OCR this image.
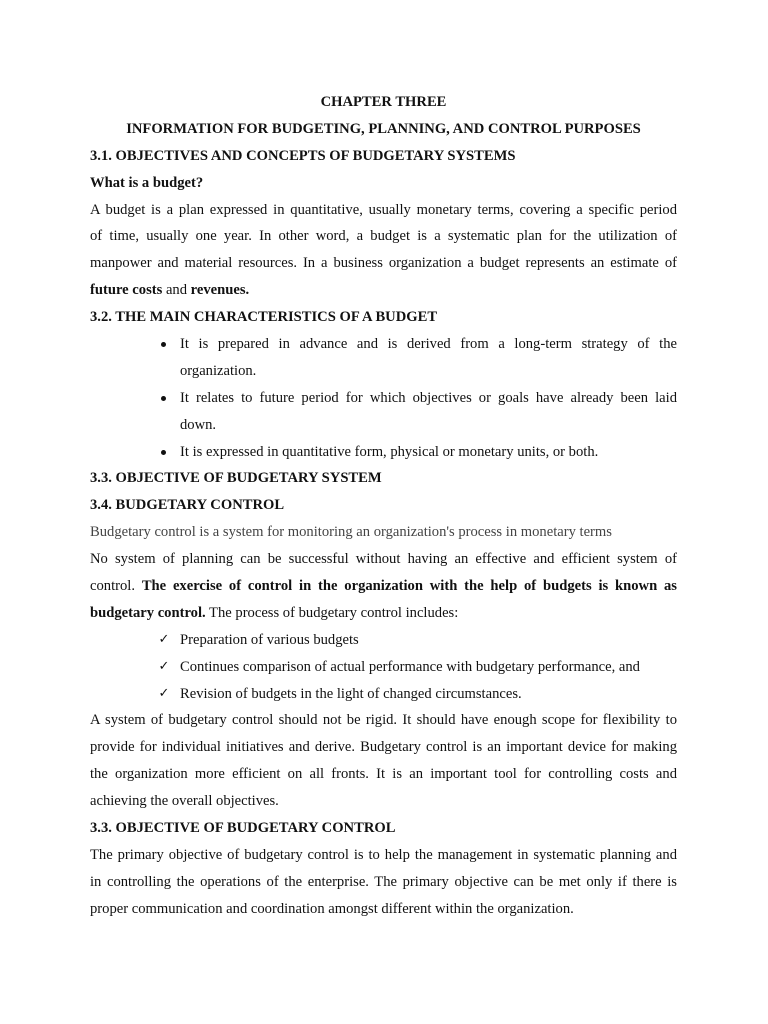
CHAPTER THREE
INFORMATION FOR BUDGETING, PLANNING, AND CONTROL PURPOSES
3.1. OBJECTIVES AND CONCEPTS OF BUDGETARY SYSTEMS
What is a budget?
A budget is a plan expressed in quantitative, usually monetary terms, covering a specific period
of time, usually one year. In other word, a budget is a systematic plan for the utilization of
manpower and material resources. In a business organization a budget represents an estimate of
future costs and revenues.
3.2. THE MAIN CHARACTERISTICS OF A BUDGET
It is prepared in advance and is derived from a long-term strategy of the
organization.
It relates to future period for which objectives or goals have already been laid
down.
It is expressed in quantitative form, physical or monetary units, or both.
3.3. OBJECTIVE OF BUDGETARY SYSTEM
3.4. BUDGETARY CONTROL
Budgetary control is a system for monitoring an organization's process in monetary terms
No system of planning can be successful without having an effective and efficient system of
control. The exercise of control in the organization with the help of budgets is known as
budgetary control. The process of budgetary control includes:
✓ Preparation of various budgets
✓ Continues comparison of actual performance with budgetary performance, and
✓ Revision of budgets in the light of changed circumstances.
A system of budgetary control should not be rigid. It should have enough scope for flexibility to
provide for individual initiatives and derive. Budgetary control is an important device for making
the organization more efficient on all fronts. It is an important tool for controlling costs and
achieving the overall objectives.
3.3. OBJECTIVE OF BUDGETARY CONTROL
The primary objective of budgetary control is to help the management in systematic planning and
in controlling the operations of the enterprise. The primary objective can be met only if there is
proper communication and coordination amongst different within the organization.
